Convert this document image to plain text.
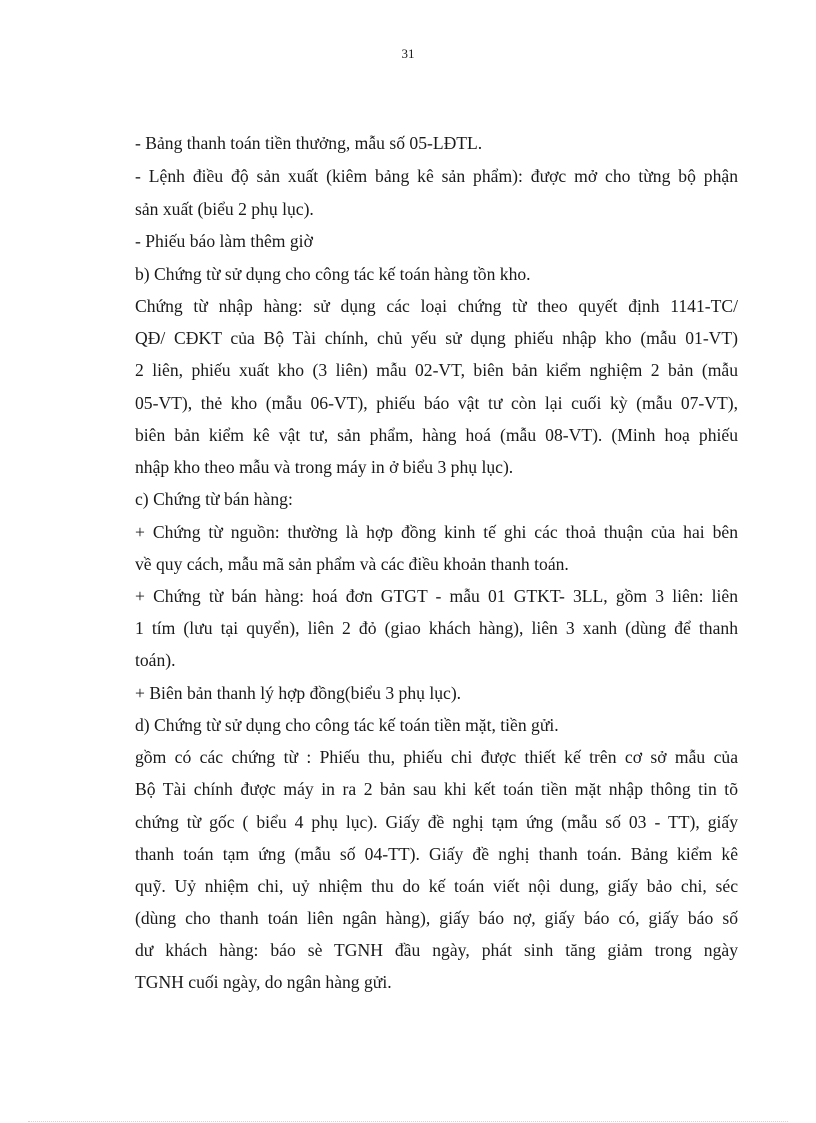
31
- Bảng thanh toán tiền thưởng, mẫu số 05-LĐTL.
- Lệnh điều độ sản xuất (kiêm bảng kê sản phẩm): được mở cho từng bộ phận
sản xuất (biểu 2 phụ lục).
- Phiếu báo làm thêm giờ
b) Chứng từ sử dụng cho công tác kế toán hàng tồn kho.
Chứng từ nhập hàng: sử dụng các loại chứng từ theo quyết định 1141-TC/
QĐ/ CĐKT của Bộ Tài chính, chủ yếu sử dụng phiếu nhập kho (mẫu 01-VT)
2 liên, phiếu xuất kho (3 liên) mẫu 02-VT, biên bản kiểm nghiệm 2 bản (mẫu
05-VT), thẻ kho (mẫu 06-VT), phiếu báo vật tư còn lại cuối kỳ (mẫu 07-VT),
biên bản kiểm kê vật tư, sản phẩm, hàng hoá (mẫu 08-VT). (Minh hoạ phiếu
nhập kho theo mẫu và trong máy in ở biểu 3 phụ lục).
c) Chứng từ bán hàng:
+ Chứng từ nguồn: thường là hợp đồng kinh tế ghi các thoả thuận của hai bên
về quy cách, mẫu mã sản phẩm và các điều khoản thanh toán.
+ Chứng từ bán hàng: hoá đơn GTGT - mẫu 01 GTKT- 3LL, gồm 3 liên: liên
1 tím (lưu tại quyển), liên 2 đỏ (giao khách hàng), liên 3 xanh (dùng để thanh
toán).
+ Biên bản thanh lý hợp đồng(biểu 3 phụ lục).
d) Chứng từ sử dụng cho công tác kế toán tiền mặt, tiền gửi.
gồm có các chứng từ : Phiếu thu, phiếu chi được thiết kế trên cơ sở mẫu của
Bộ Tài chính được máy in ra 2 bản sau khi kết toán tiền mặt nhập thông tin tõ
chứng từ gốc ( biểu 4 phụ lục). Giấy đề nghị tạm ứng (mẫu số 03 - TT), giấy
thanh toán tạm ứng (mẫu số 04-TT). Giấy đề nghị thanh toán. Bảng kiểm kê
quỹ. Uỷ nhiệm chi, uỷ nhiệm thu do kế toán viết nội dung, giấy bảo chi, séc
(dùng cho thanh toán liên ngân hàng), giấy báo nợ, giấy báo có, giấy báo số
dư khách hàng: báo sè TGNH đầu ngày, phát sinh tăng giảm trong ngày
TGNH cuối ngày, do ngân hàng gửi.
